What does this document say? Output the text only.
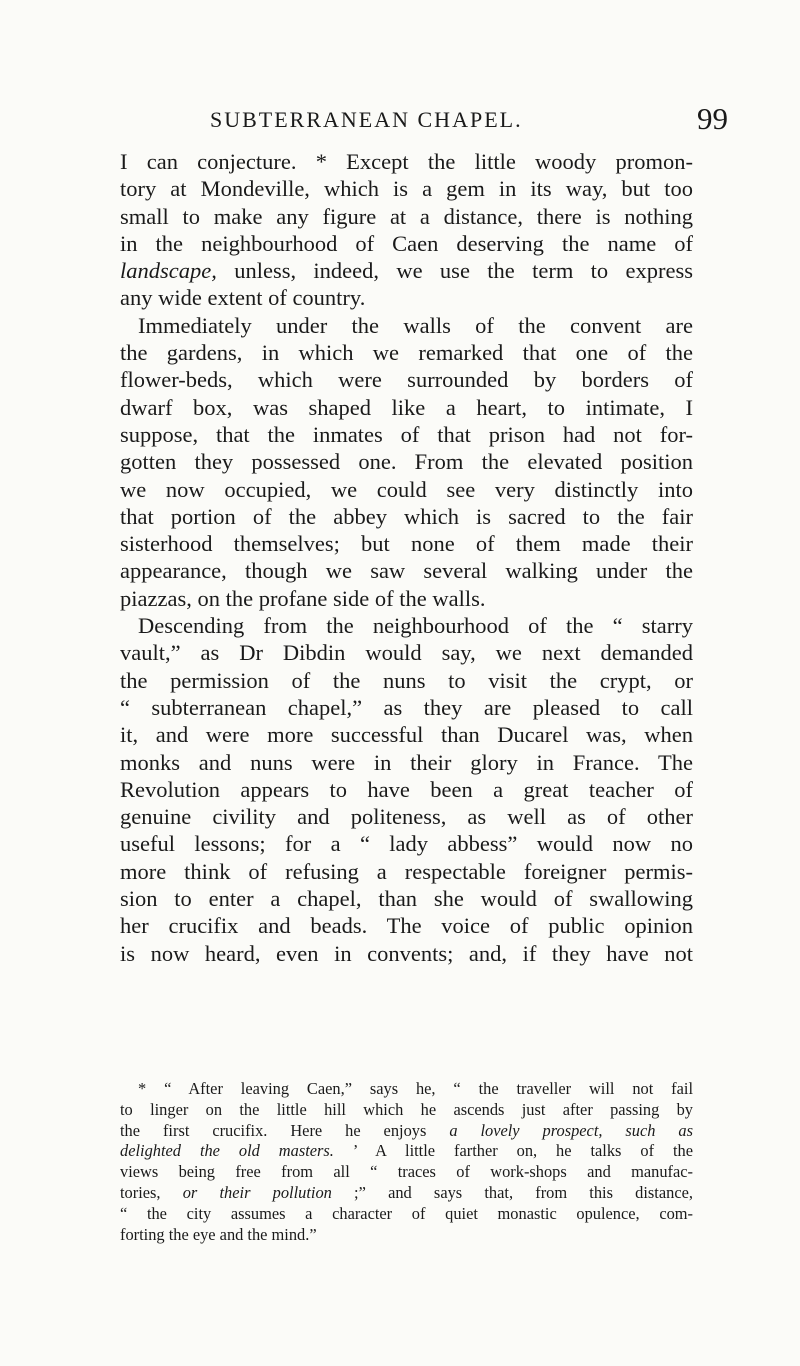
SUBTERRANEAN CHAPEL.	99
I can conjecture. * Except the little woody promon-
tory at Mondeville, which is a gem in its way, but too
small to make any figure at a distance, there is nothing
in the neighbourhood of Caen deserving the name of
landscape, unless, indeed, we use the term to express
any wide extent of country.
Immediately under the walls of the convent are
the gardens, in which we remarked that one of the
flower-beds, which were surrounded by borders of
dwarf box, was shaped like a heart, to intimate, I
suppose, that the inmates of that prison had not for-
gotten they possessed one. From the elevated position
we now occupied, we could see very distinctly into
that portion of the abbey which is sacred to the fair
sisterhood themselves; but none of them made their
appearance, though we saw several walking under the
piazzas, on the profane side of the walls.
Descending from the neighbourhood of the “ starry
vault,” as Dr Dibdin would say, we next demanded
the permission of the nuns to visit the crypt, or
“ subterranean chapel,” as they are pleased to call
it, and were more successful than Ducarel was, when
monks and nuns were in their glory in France. The
Revolution appears to have been a great teacher of
genuine civility and politeness, as well as of other
useful lessons; for a “ lady abbess” would now no
more think of refusing a respectable foreigner permis-
sion to enter a chapel, than she would of swallowing
her crucifix and beads. The voice of public opinion
is now heard, even in convents; and, if they have not
* “ After leaving Caen,” says he, “ the traveller will not fail
to linger on the little hill which he ascends just after passing by
the first crucifix. Here he enjoys a lovely prospect, such as
delighted the old masters. ’ A little farther on, he talks of the
views being free from all “ traces of work-shops and manufac-
tories, or their pollution ;” and says that, from this distance,
“ the city assumes a character of quiet monastic opulence, com-
forting the eye and the mind.”
